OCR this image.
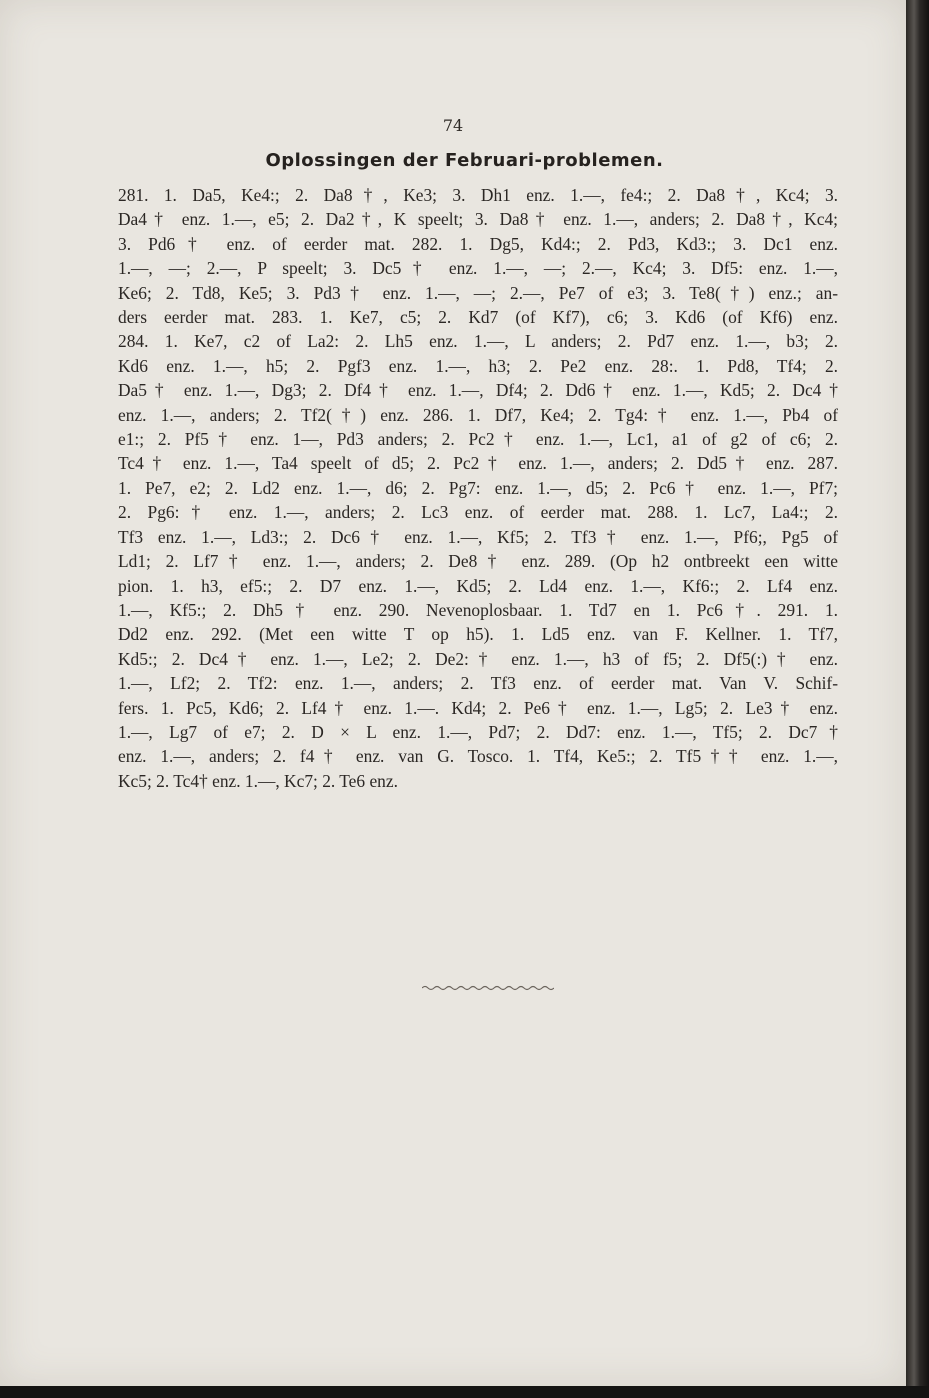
74
Oplossingen der Februari-problemen.
281. 1. Da5, Ke4:; 2. Da8†, Ke3; 3. Dh1 enz. 1.—, fe4:; 2. Da8†, Kc4; 3.
Da4† enz. 1.—, e5; 2. Da2†, K speelt; 3. Da8† enz. 1.—, anders; 2. Da8†, Kc4;
3. Pd6† enz. of eerder mat. 282. 1. Dg5, Kd4:; 2. Pd3, Kd3:; 3. Dc1 enz.
1.—, —; 2.—, P speelt; 3. Dc5† enz. 1.—, —; 2.—, Kc4; 3. Df5: enz. 1.—,
Ke6; 2. Td8, Ke5; 3. Pd3† enz. 1.—, —; 2.—, Pe7 of e3; 3. Te8(†) enz.; an-
ders eerder mat. 283. 1. Ke7, c5; 2. Kd7 (of Kf7), c6; 3. Kd6 (of Kf6) enz.
284. 1. Ke7, c2 of La2: 2. Lh5 enz. 1.—, L anders; 2. Pd7 enz. 1.—, b3; 2.
Kd6 enz. 1.—, h5; 2. Pgf3 enz. 1.—, h3; 2. Pe2 enz. 28:. 1. Pd8, Tf4; 2.
Da5† enz. 1.—, Dg3; 2. Df4† enz. 1.—, Df4; 2. Dd6† enz. 1.—, Kd5; 2. Dc4†
enz. 1.—, anders; 2. Tf2(†) enz. 286. 1. Df7, Ke4; 2. Tg4:† enz. 1.—, Pb4 of
e1:; 2. Pf5† enz. 1—, Pd3 anders; 2. Pc2† enz. 1.—, Lc1, a1 of g2 of c6; 2.
Tc4† enz. 1.—, Ta4 speelt of d5; 2. Pc2† enz. 1.—, anders; 2. Dd5† enz. 287.
1. Pe7, e2; 2. Ld2 enz. 1.—, d6; 2. Pg7: enz. 1.—, d5; 2. Pc6† enz. 1.—, Pf7;
2. Pg6:† enz. 1.—, anders; 2. Lc3 enz. of eerder mat. 288. 1. Lc7, La4:; 2.
Tf3 enz. 1.—, Ld3:; 2. Dc6† enz. 1.—, Kf5; 2. Tf3† enz. 1.—, Pf6;, Pg5 of
Ld1; 2. Lf7† enz. 1.—, anders; 2. De8† enz. 289. (Op h2 ontbreekt een witte
pion. 1. h3, ef5:; 2. D7 enz. 1.—, Kd5; 2. Ld4 enz. 1.—, Kf6:; 2. Lf4 enz.
1.—, Kf5:; 2. Dh5† enz. 290. Nevenoplosbaar. 1. Td7 en 1. Pc6†. 291. 1.
Dd2 enz. 292. (Met een witte T op h5). 1. Ld5 enz. van F. Kellner. 1. Tf7,
Kd5:; 2. Dc4† enz. 1.—, Le2; 2. De2:† enz. 1.—, h3 of f5; 2. Df5(:)† enz.
1.—, Lf2; 2. Tf2: enz. 1.—, anders; 2. Tf3 enz. of eerder mat. Van V. Schif-
fers. 1. Pc5, Kd6; 2. Lf4† enz. 1.—. Kd4; 2. Pe6† enz. 1.—, Lg5; 2. Le3† enz.
1.—, Lg7 of e7; 2. D × L enz. 1.—, Pd7; 2. Dd7: enz. 1.—, Tf5; 2. Dc7†
enz. 1.—, anders; 2. f4† enz. van G. Tosco. 1. Tf4, Ke5:; 2. Tf5†† enz. 1.—,
Kc5; 2. Tc4† enz. 1.—, Kc7; 2. Te6 enz.
